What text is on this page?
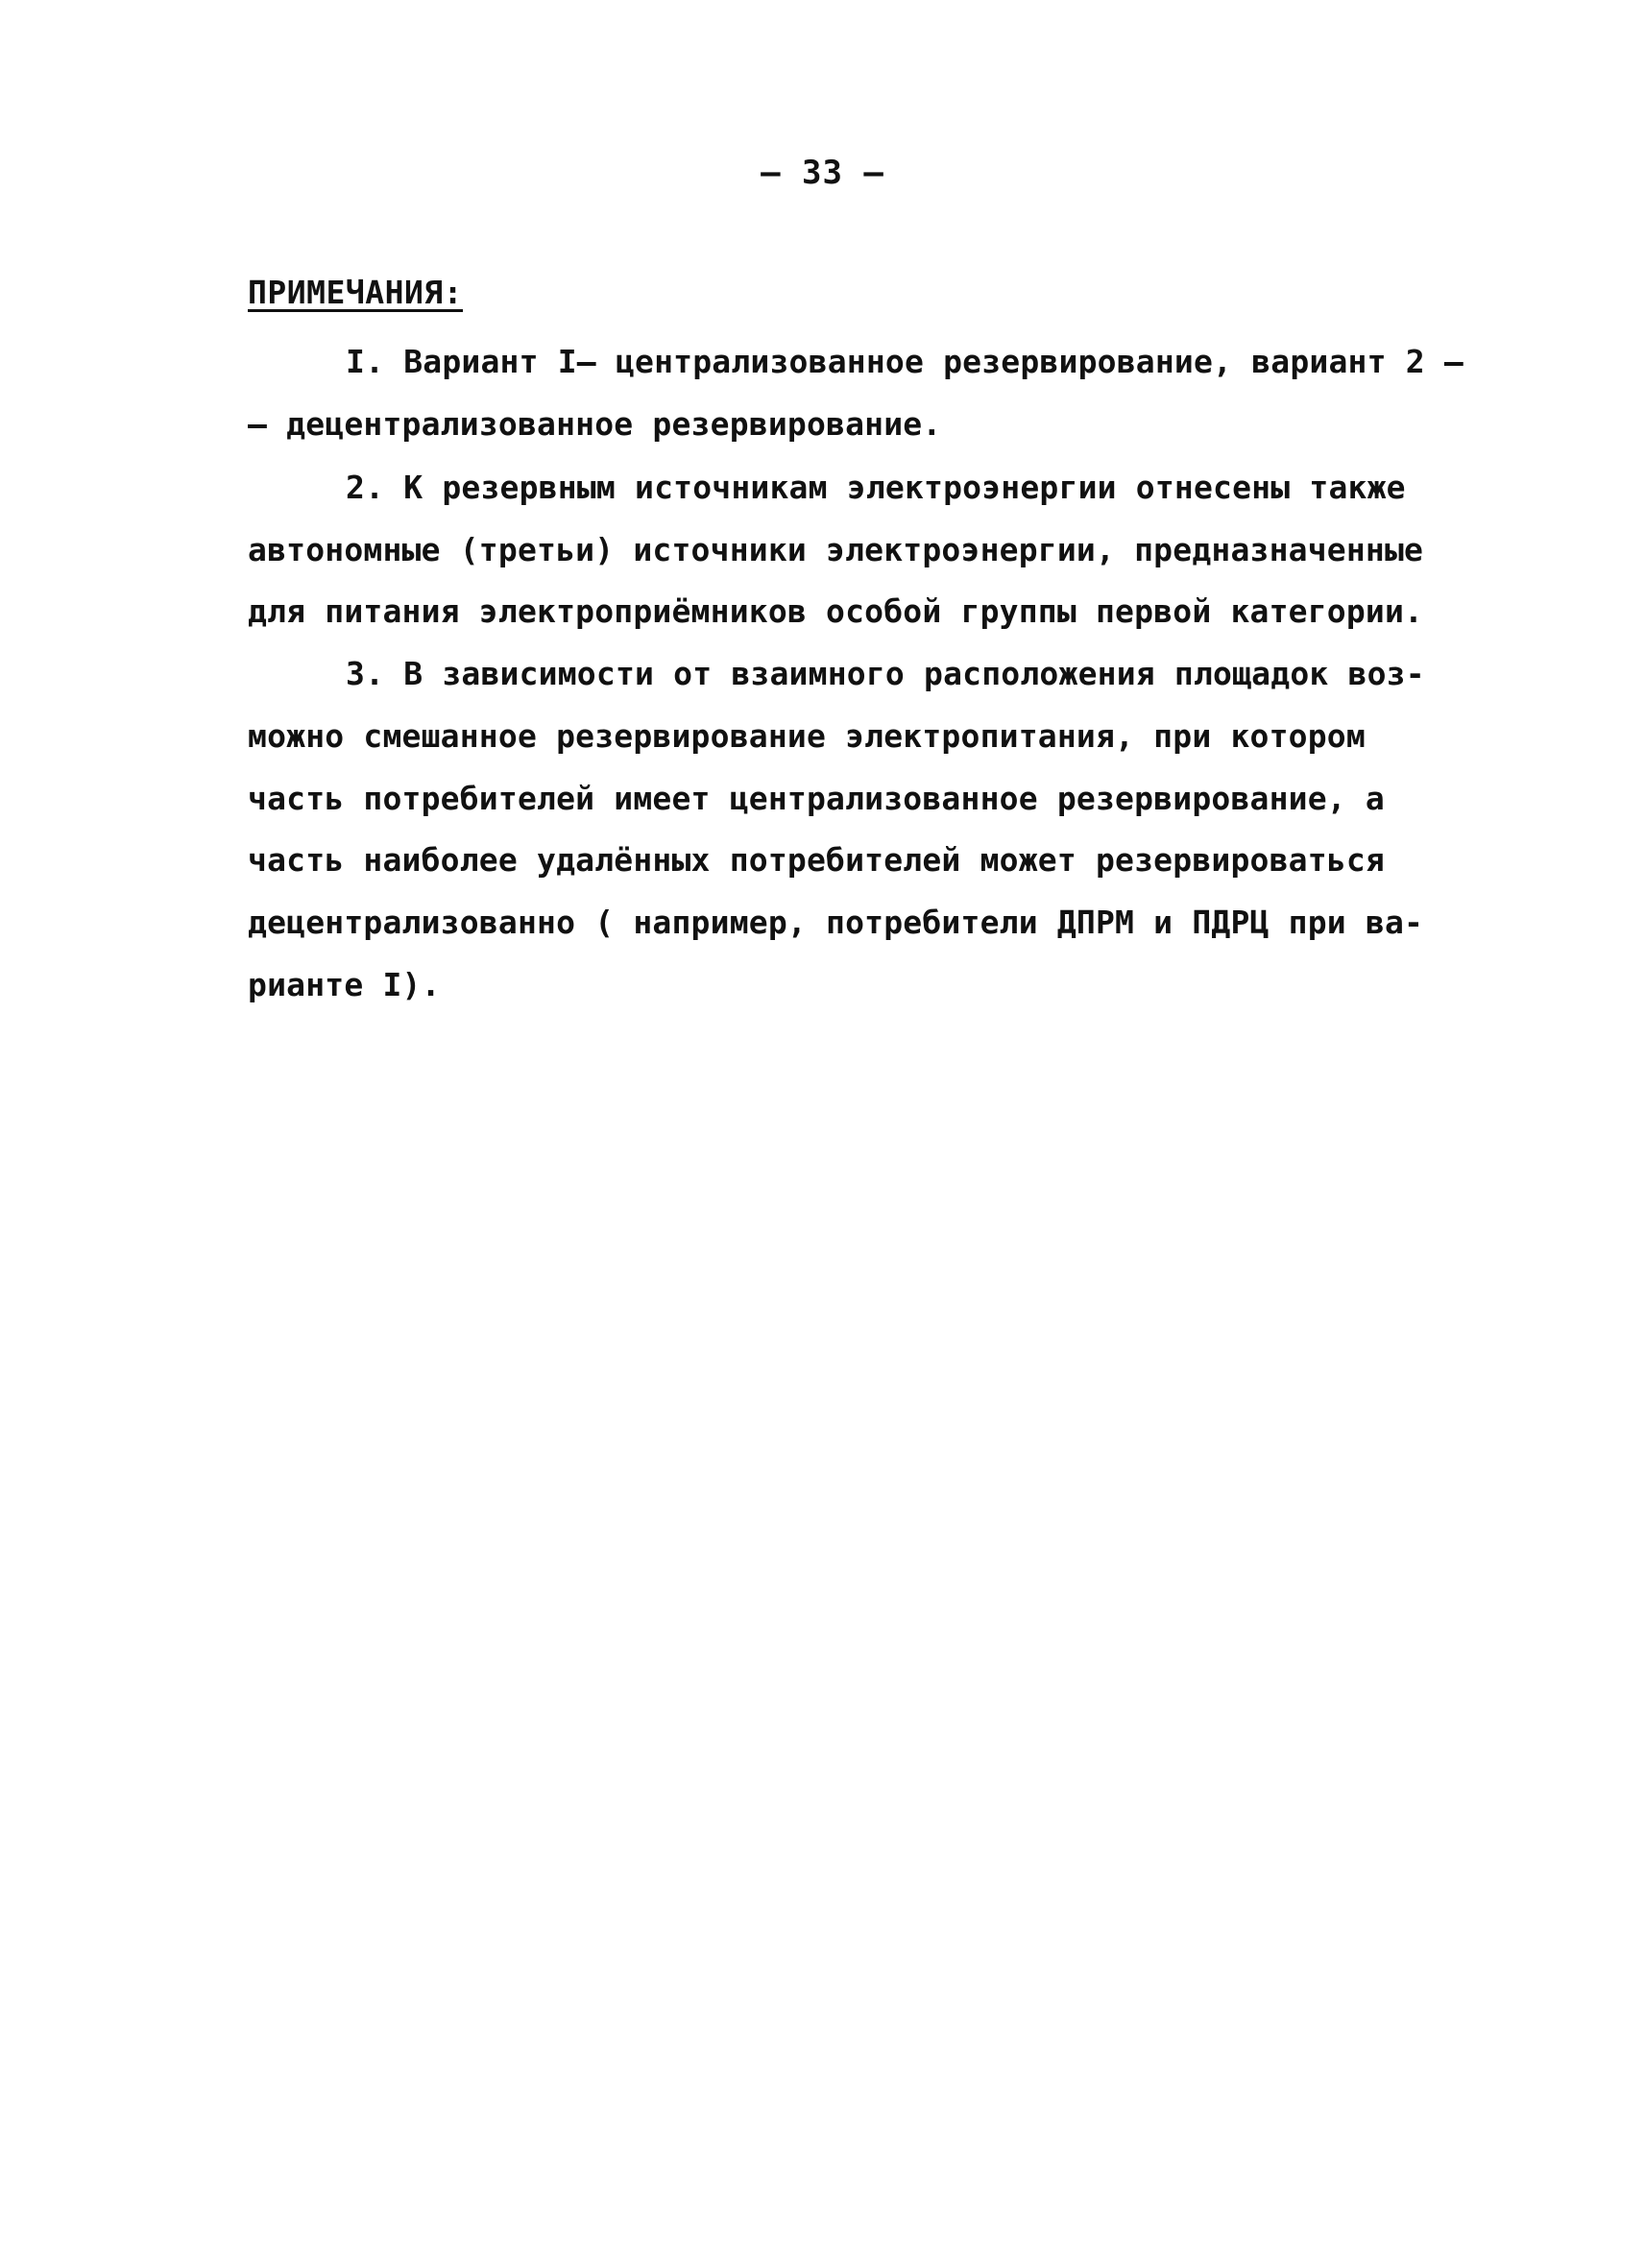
– 33 –
ПРИМЕЧАНИЯ:
I. Вариант I– централизованное резервирование, вариант 2 –
– децентрализованное резервирование.
2. К резервным источникам электроэнергии отнесены также
автономные (третьи) источники электроэнергии, предназначенные
для питания электроприёмников особой группы первой категории.
3. В зависимости от взаимного расположения площадок воз-
можно смешанное резервирование электропитания, при котором
часть потребителей имеет централизованное резервирование, а
часть наиболее удалённых потребителей может резервироваться
децентрализованно ( например, потребители ДПРМ и ПДРЦ при ва-
рианте I).
